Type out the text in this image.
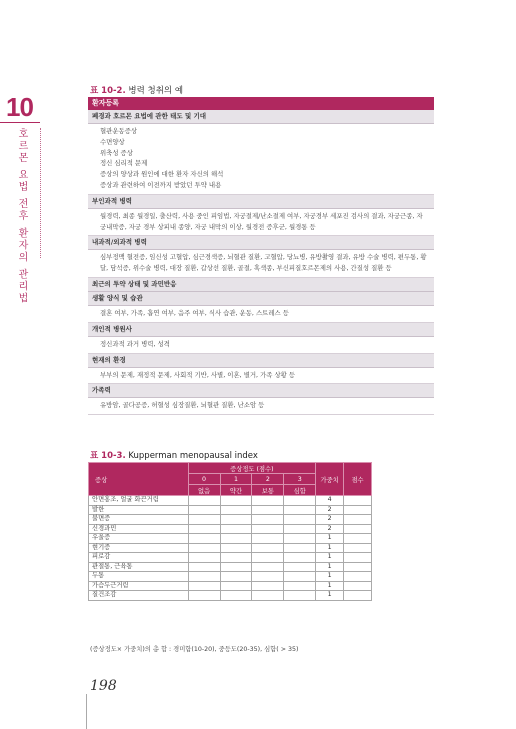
10
호르몬 요법 전후 환자의 관리법
표 10-2. 병력 청취의 예
환자등록
폐경과 호르몬 요법에 관한 태도 및 기대
혈관운동증상
수면양상
위축성 증상
정신 심리적 문제
증상의 양상과 원인에 대한 환자 자신의 해석
증상과 관련하여 이전까지 받았던 투약 내용
부인과적 병력
월경력, 최종 월경일, 출산력, 사용 중인 피임법, 자궁절제/난소절제 여부, 자궁경부 세포진 검사의 결과, 자궁근종, 자궁내막증, 자궁 경부 상피내 종양, 자궁 내막의 이상, 월경전 증후군, 월경통 등
내과적/외과적 병력
심부정맥 혈전증, 임신성 고혈압, 심근경색증, 뇌혈관 질환, 고혈압, 당뇨병, 유방촬영 결과, 유방 수술 병력, 편두통, 황달, 담석증, 위수술 병력, 대장 질환, 갑상선 질환, 골절, 혹색종, 부신피질호르몬제의 사용, 간질성 질환 등
최근의 투약 상태 및 과민반응
생활 양식 및 습관
결혼 여부, 가족, 흡연 여부, 음주 여부, 식사 습관, 운동, 스트레스 등
개인적 병원사
정신과적 과거 병력, 성격
현재의 환경
부부의 문제, 재정적 문제, 사회적 기반, 사별, 이혼, 별거, 가족 상황 등
가족력
유방암, 골다공증, 허혈성 심장질환, 뇌혈관 질환, 난소암 등
표 10-3. Kupperman menopausal index
증상	증상정도 (점수)				가중치	점수
	0	1	2	3		
	없음	약간	보통	심함		
안면홍조, 얼굴 화끈거림					4	
발한					2	
불면증					2	
신경과민					2	
우울증					1	
현기증					1	
피로감					1	
관절통, 근육통					1	
두통					1	
가슴두근거림					1	
질건조감					1	
(증상정도× 가중치)의 총 합 : 경미함(10-20), 중등도(20-35), 심함( > 35)
198
